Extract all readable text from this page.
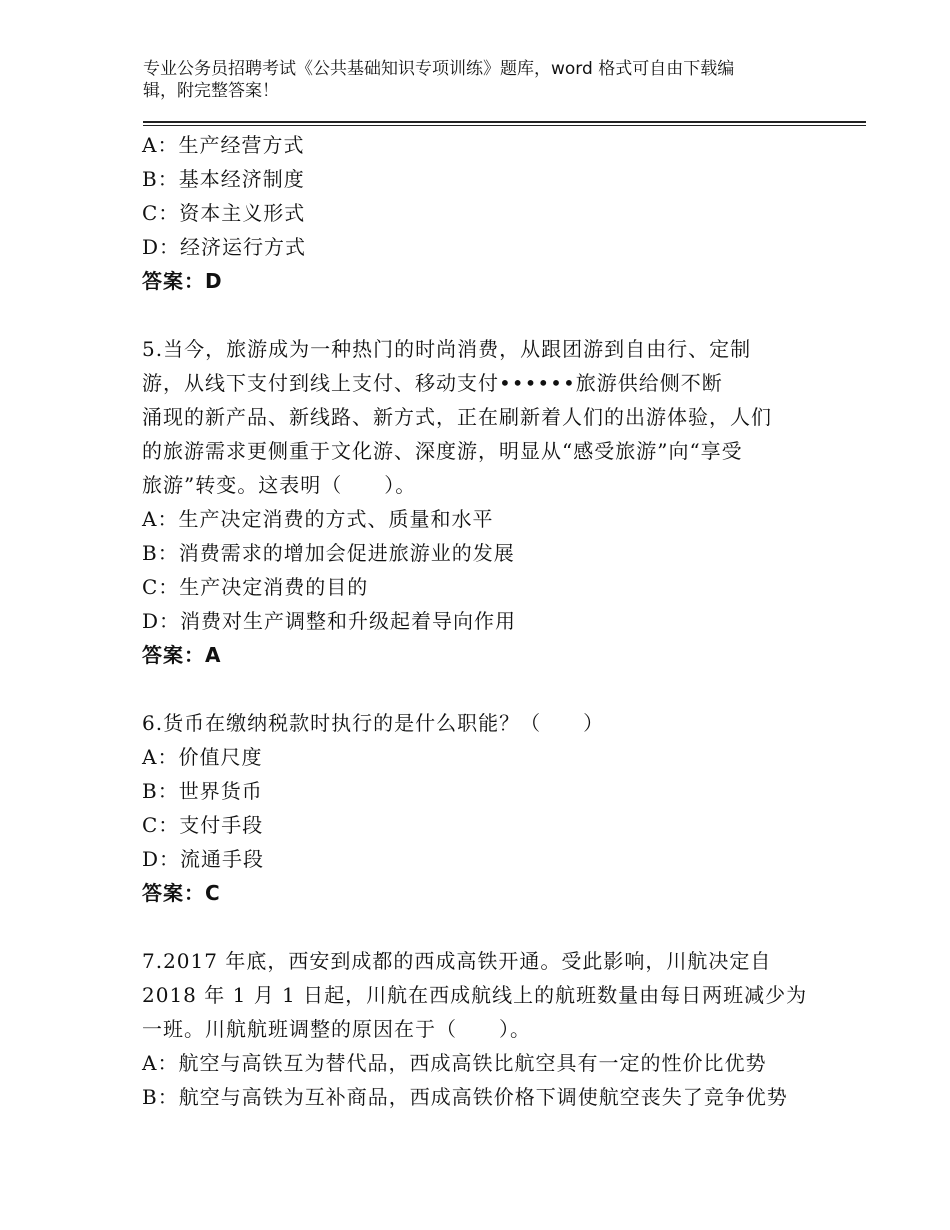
专业公务员招聘考试《公共基础知识专项训练》题库，word 格式可自由下载编
辑，附完整答案！
A：生产经营方式
B：基本经济制度
C：资本主义形式
D：经济运行方式
答案：D
5.当今，旅游成为一种热门的时尚消费，从跟团游到自由行、定制
游，从线下支付到线上支付、移动支付••••••旅游供给侧不断
涌现的新产品、新线路、新方式，正在刷新着人们的出游体验，人们
的旅游需求更侧重于文化游、深度游，明显从“感受旅游”向“享受
旅游”转变。这表明（　　）。
A：生产决定消费的方式、质量和水平
B：消费需求的增加会促进旅游业的发展
C：生产决定消费的目的
D：消费对生产调整和升级起着导向作用
答案：A
6.货币在缴纳税款时执行的是什么职能？（　　）
A：价值尺度
B：世界货币
C：支付手段
D：流通手段
答案：C
7.2017 年底，西安到成都的西成高铁开通。受此影响，川航决定自
2018 年 1 月 1 日起，川航在西成航线上的航班数量由每日两班减少为
一班。川航航班调整的原因在于（　　）。
A：航空与高铁互为替代品，西成高铁比航空具有一定的性价比优势
B：航空与高铁为互补商品，西成高铁价格下调使航空丧失了竞争优势
